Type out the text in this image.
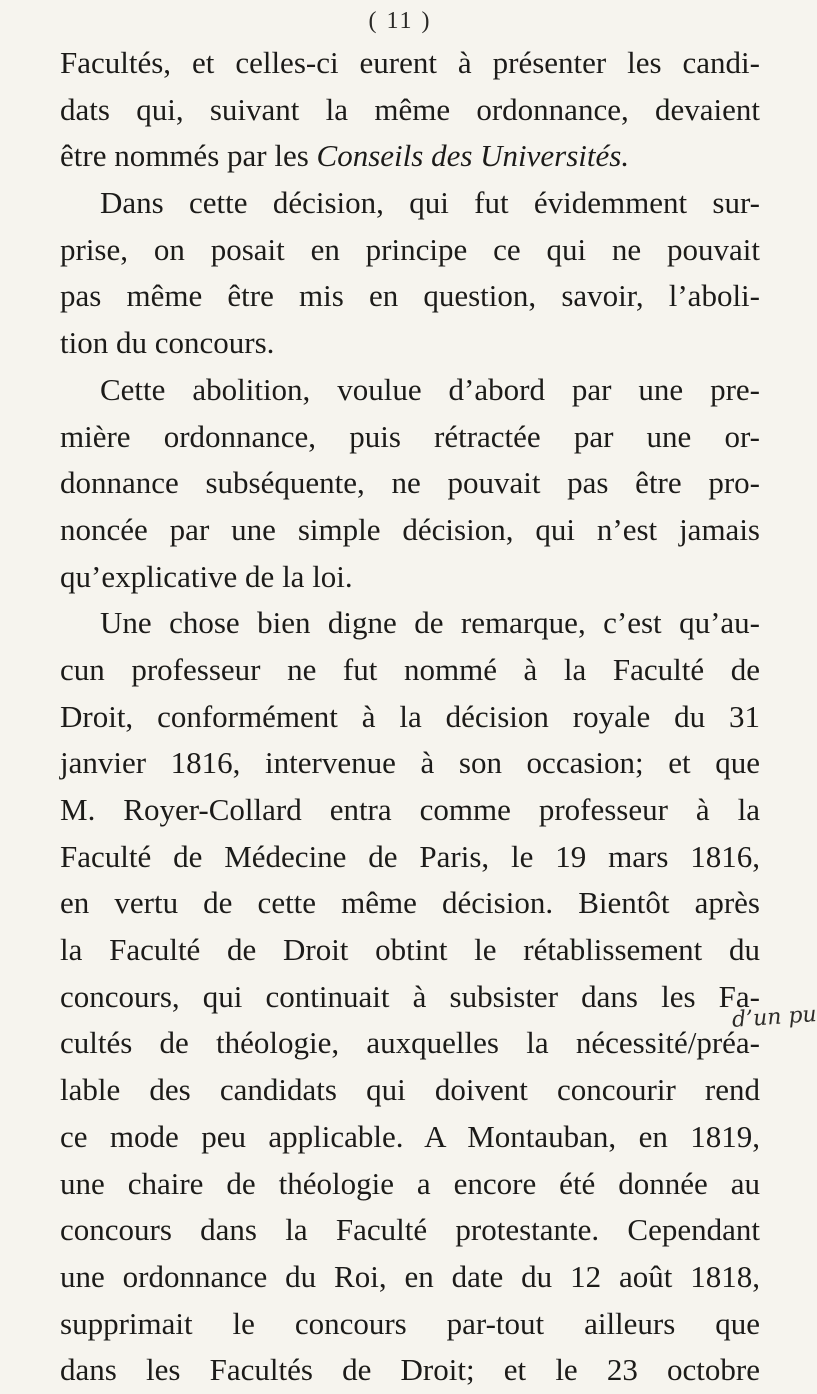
( 11 )
Facultés, et celles-ci eurent à présenter les candi-
dats qui, suivant la même ordonnance, devaient
être nommés par les Conseils des Universités.
Dans cette décision, qui fut évidemment sur-
prise, on posait en principe ce qui ne pouvait
pas même être mis en question, savoir, l’aboli-
tion du concours.
Cette abolition, voulue d’abord par une pre-
mière ordonnance, puis rétractée par une or-
donnance subséquente, ne pouvait pas être pro-
noncée par une simple décision, qui n’est jamais
qu’explicative de la loi.
Une chose bien digne de remarque, c’est qu’au-
cun professeur ne fut nommé à la Faculté de
Droit, conformément à la décision royale du 31
janvier 1816, intervenue à son occasion; et que
M. Royer-Collard entra comme professeur à la
Faculté de Médecine de Paris, le 19 mars 1816,
en vertu de cette même décision. Bientôt après
la Faculté de Droit obtint le rétablissement du
concours, qui continuait à subsister dans les Fa-
cultés de théologie, auxquelles la nécessité/préa-
lable des candidats qui doivent concourir rend
ce mode peu applicable. A Montauban, en 1819,
une chaire de théologie a encore été donnée au
concours dans la Faculté protestante. Cependant
une ordonnance du Roi, en date du 12 août 1818,
supprimait le concours par-tout ailleurs que
dans les Facultés de Droit; et le 23 octobre
d’un pu
